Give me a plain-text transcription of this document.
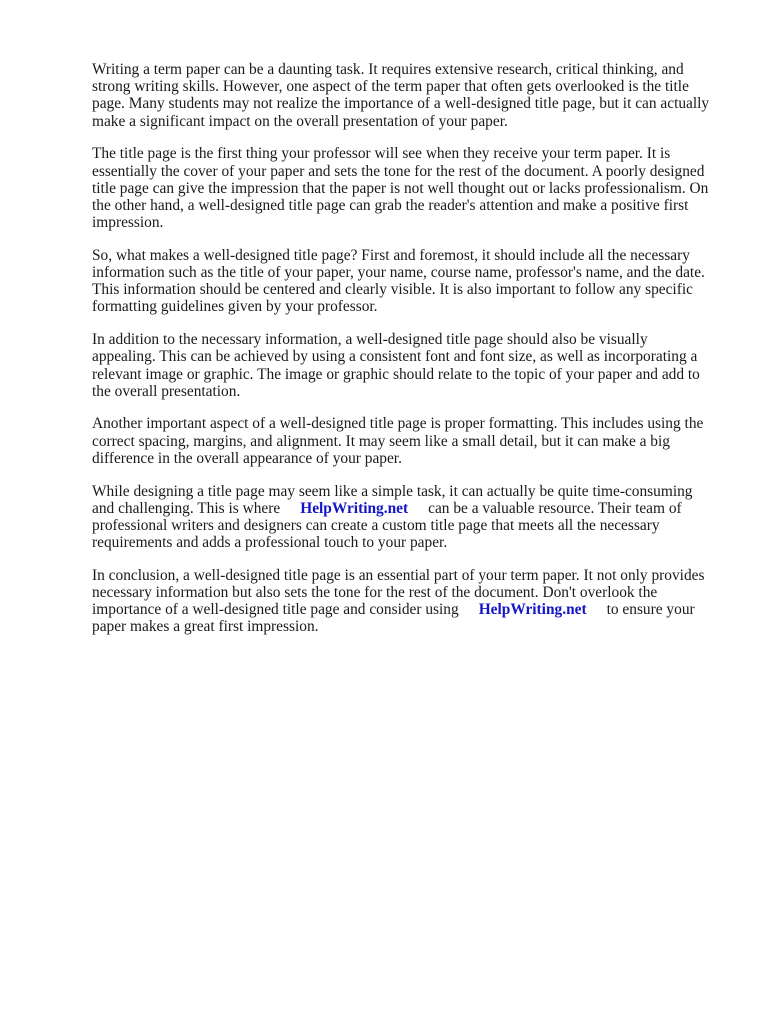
Writing a term paper can be a daunting task. It requires extensive research, critical thinking, and strong writing skills. However, one aspect of the term paper that often gets overlooked is the title page. Many students may not realize the importance of a well-designed title page, but it can actually make a significant impact on the overall presentation of your paper.

The title page is the first thing your professor will see when they receive your term paper. It is essentially the cover of your paper and sets the tone for the rest of the document. A poorly designed title page can give the impression that the paper is not well thought out or lacks professionalism. On the other hand, a well-designed title page can grab the reader's attention and make a positive first impression.

So, what makes a well-designed title page? First and foremost, it should include all the necessary information such as the title of your paper, your name, course name, professor's name, and the date. This information should be centered and clearly visible. It is also important to follow any specific formatting guidelines given by your professor.

In addition to the necessary information, a well-designed title page should also be visually appealing. This can be achieved by using a consistent font and font size, as well as incorporating a relevant image or graphic. The image or graphic should relate to the topic of your paper and add to the overall presentation.

Another important aspect of a well-designed title page is proper formatting. This includes using the correct spacing, margins, and alignment. It may seem like a small detail, but it can make a big difference in the overall appearance of your paper.

While designing a title page may seem like a simple task, it can actually be quite time-consuming and challenging. This is where HelpWriting.net can be a valuable resource. Their team of professional writers and designers can create a custom title page that meets all the necessary requirements and adds a professional touch to your paper.

In conclusion, a well-designed title page is an essential part of your term paper. It not only provides necessary information but also sets the tone for the rest of the document. Don't overlook the importance of a well-designed title page and consider using HelpWriting.net to ensure your paper makes a great first impression.
